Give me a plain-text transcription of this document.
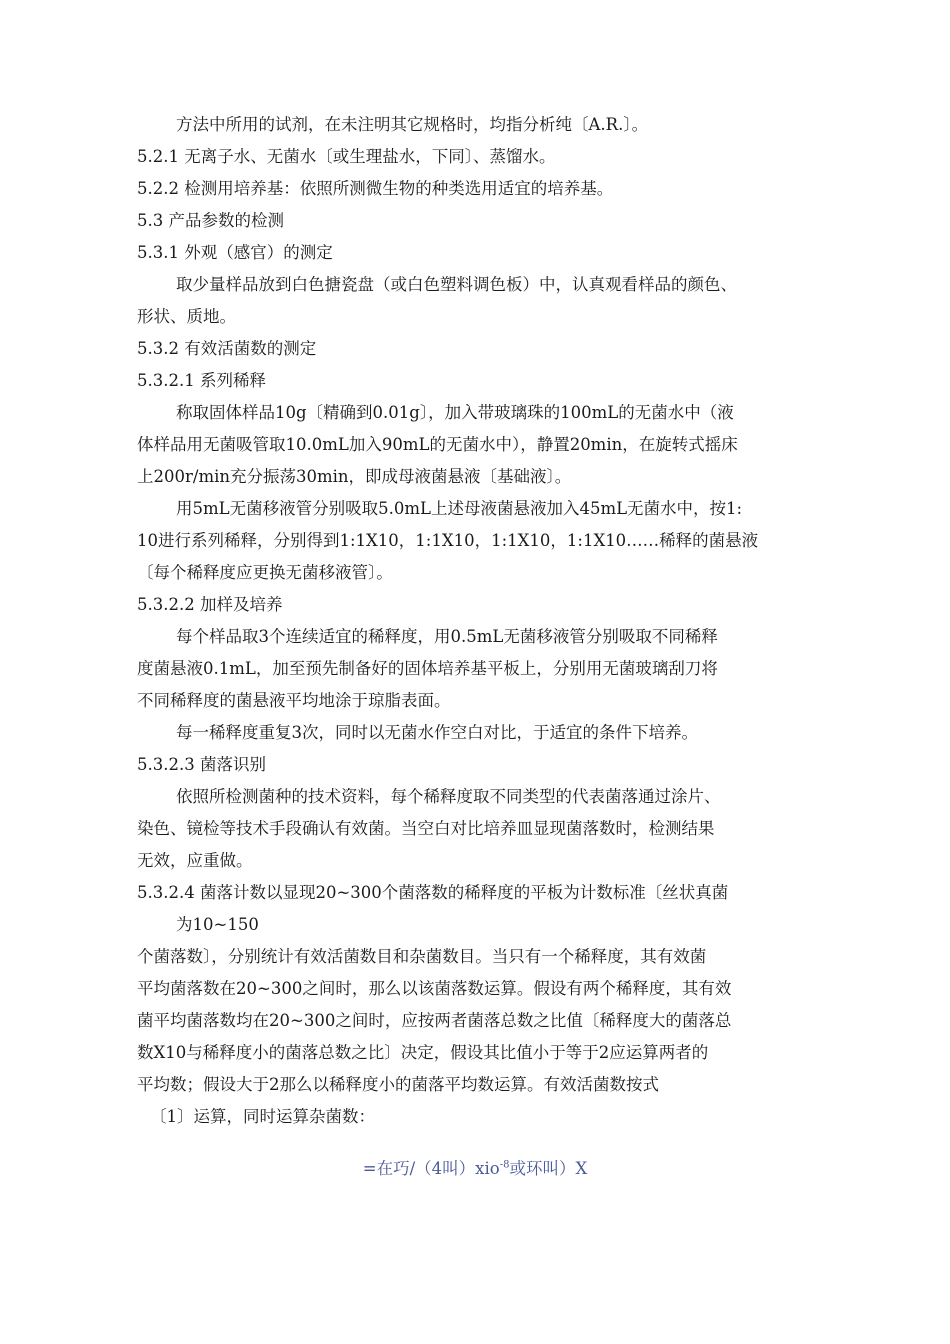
方法中所用的试剂，在未注明其它规格时，均指分析纯〔A.R.〕。
5.2.1 无离子水、无菌水〔或生理盐水，下同〕、蒸馏水。
5.2.2 检测用培养基：依照所测微生物的种类选用适宜的培养基。
5.3 产品参数的检测
5.3.1 外观（感官）的测定
取少量样品放到白色搪瓷盘（或白色塑料调色板）中，认真观看样品的颜色、
形状、质地。
5.3.2 有效活菌数的测定
5.3.2.1 系列稀释
称取固体样品10g〔精确到0.01g〕，加入带玻璃珠的100mL的无菌水中（液
体样品用无菌吸管取10.0mL加入90mL的无菌水中），静置20min，在旋转式摇床
上200r/min充分振荡30min，即成母液菌悬液〔基础液〕。
用5mL无菌移液管分别吸取5.0mL上述母液菌悬液加入45mL无菌水中，按1:
10进行系列稀释，分别得到1:1X10，1:1X10，1:1X10，1:1X10……稀释的菌悬液
〔每个稀释度应更换无菌移液管〕。
5.3.2.2 加样及培养
每个样品取3个连续适宜的稀释度，用0.5mL无菌移液管分别吸取不同稀释
度菌悬液0.1mL，加至预先制备好的固体培养基平板上，分别用无菌玻璃刮刀将
不同稀释度的菌悬液平均地涂于琼脂表面。
每一稀释度重复3次，同时以无菌水作空白对比，于适宜的条件下培养。
5.3.2.3 菌落识别
依照所检测菌种的技术资料，每个稀释度取不同类型的代表菌落通过涂片、
染色、镜检等技术手段确认有效菌。当空白对比培养皿显现菌落数时，检测结果
无效，应重做。
5.3.2.4 菌落计数以显现20~300个菌落数的稀释度的平板为计数标准〔丝状真菌
为10~150
个菌落数〕，分别统计有效活菌数目和杂菌数目。当只有一个稀释度，其有效菌
平均菌落数在20~300之间时，那么以该菌落数运算。假设有两个稀释度，其有效
菌平均菌落数均在20~300之间时，应按两者菌落总数之比值〔稀释度大的菌落总
数X10与稀释度小的菌落总数之比〕决定，假设其比值小于等于2应运算两者的
平均数；假设大于2那么以稀释度小的菌落平均数运算。有效活菌数按式
〔1〕运算，同时运算杂菌数：
=在巧/（4叫）xio$^{-8}$或环叫）X
